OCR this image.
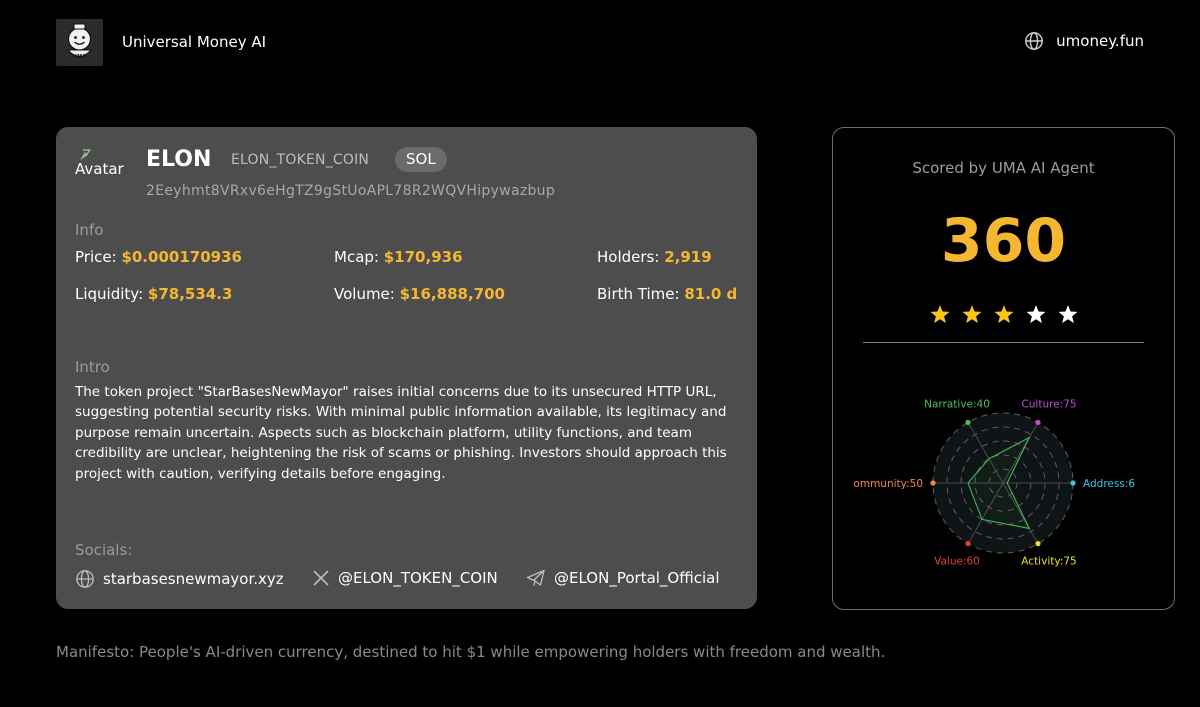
UMA
Universal Money AI	umoney.fun
Avatar ELON ELON_TOKEN_COIN	SOL
2Eeyhmt8VRxv6eHgTZ9gStUoAPL78R2WQVHipywazbup
Info
Price: $0.000170936	Mcap: $170,936	Holders: 2,919
Liquidity: $78,534.3	Volume: $16,888,700	Birth Time: 81.0 d
Intro
The token project "StarBasesNewMayor" raises initial concerns due to its unsecured HTTP URL, suggesting potential security risks. With minimal public information available, its legitimacy and purpose remain uncertain. Aspects such as blockchain platform, utility functions, and team credibility are unclear, heightening the risk of scams or phishing. Investors should approach this project with caution, verifying details before engaging.
Socials:
starbasesnewmayor.xyz	@ELON_TOKEN_COIN	@ELON_Portal_Official
Scored by UMA AI Agent
360
Culture:75
Address:6
Activity:75
Value:60
ommunity:50
Narrative:40
Manifesto: People's AI-driven currency, destined to hit $1 while empowering holders with freedom and wealth.
